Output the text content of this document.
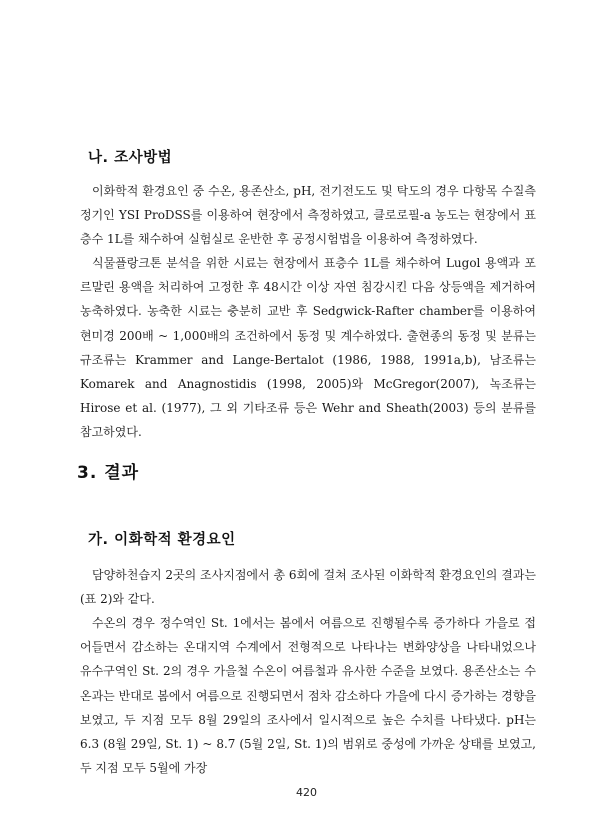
나. 조사방법

이화학적 환경요인 중 수온, 용존산소, pH, 전기전도도 및 탁도의 경우 다항목 수질측정기인 YSI ProDSS를 이용하여 현장에서 측정하였고, 클로로필-a 농도는 현장에서 표층수 1L를 채수하여 실험실로 운반한 후 공정시험법을 이용하여 측정하였다.

식물플랑크톤 분석을 위한 시료는 현장에서 표층수 1L를 채수하여 Lugol 용액과 포르말린 용액을 처리하여 고정한 후 48시간 이상 자연 침강시킨 다음 상등액을 제거하여 농축하였다. 농축한 시료는 충분히 교반 후 Sedgwick-Rafter chamber를 이용하여 현미경 200배 ~ 1,000배의 조건하에서 동정 및 계수하였다. 출현종의 동정 및 분류는 규조류는 Krammer and Lange-Bertalot (1986, 1988, 1991a,b), 남조류는 Komarek and Anagnostidis (1998, 2005)와 McGregor(2007), 녹조류는 Hirose et al. (1977), 그 외 기타조류 등은 Wehr and Sheath(2003) 등의 분류를 참고하였다.

3. 결과
가. 이화학적 환경요인

담양하천습지 2곳의 조사지점에서 총 6회에 걸쳐 조사된 이화학적 환경요인의 결과는 (표 2)와 같다.

수온의 경우 정수역인 St. 1에서는 봄에서 여름으로 진행될수록 증가하다 가을로 접어들면서 감소하는 온대지역 수계에서 전형적으로 나타나는 변화양상을 나타내었으나 유수구역인 St. 2의 경우 가을철 수온이 여름철과 유사한 수준을 보였다. 용존산소는 수온과는 반대로 봄에서 여름으로 진행되면서 점차 감소하다 가을에 다시 증가하는 경향을 보였고, 두 지점 모두 8월 29일의 조사에서 일시적으로 높은 수치를 나타냈다. pH는 6.3 (8월 29일, St. 1) ~ 8.7 (5월 2일, St. 1)의 범위로 중성에 가까운 상태를 보였고, 두 지점 모두 5월에 가장

420
